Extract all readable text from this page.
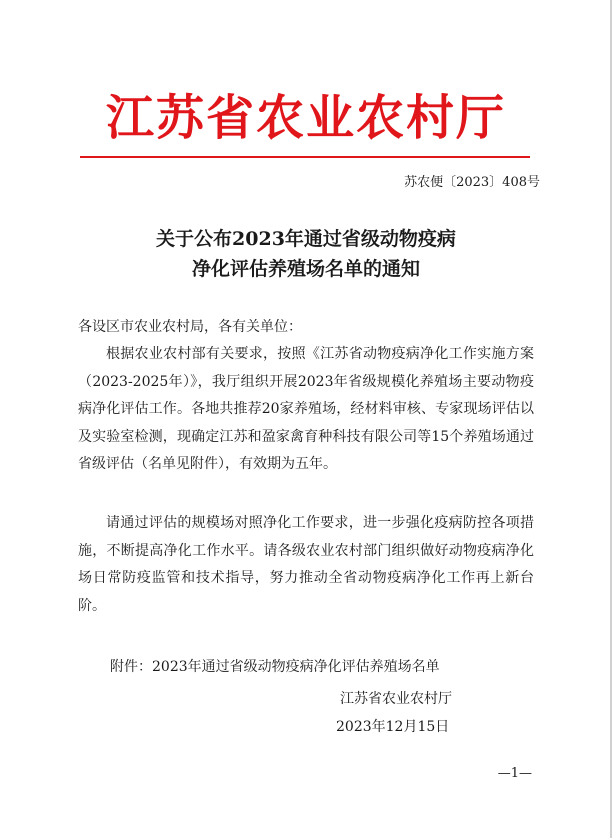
江苏省农业农村厅
苏农便〔2023〕408号
关于公布2023年通过省级动物疫病
净化评估养殖场名单的通知
各设区市农业农村局，各有关单位：

根据农业农村部有关要求，按照《江苏省动物疫病净化工作实施方案（2023-2025年）》，我厅组织开展2023年省级规模化养殖场主要动物疫病净化评估工作。各地共推荐20家养殖场，经材料审核、专家现场评估以及实验室检测，现确定江苏和盈家禽育种科技有限公司等15个养殖场通过省级评估（名单见附件），有效期为五年。

请通过评估的规模场对照净化工作要求，进一步强化疫病防控各项措施，不断提高净化工作水平。请各级农业农村部门组织做好动物疫病净化场日常防疫监管和技术指导，努力推动全省动物疫病净化工作再上新台阶。

附件：2023年通过省级动物疫病净化评估养殖场名单
江苏省农业农村厅
2023年12月15日
—1—
